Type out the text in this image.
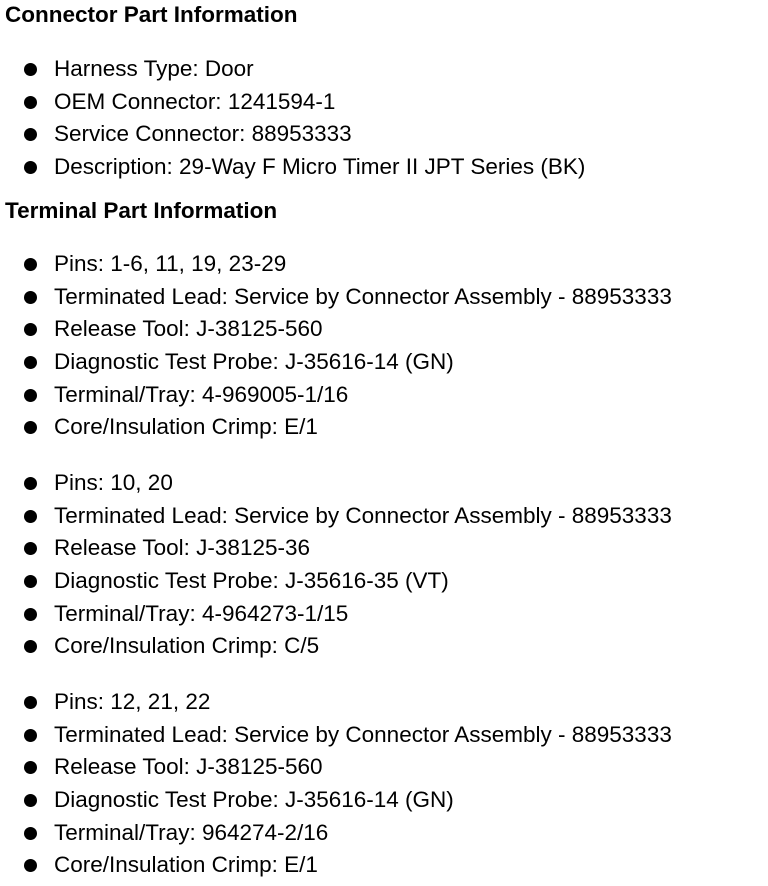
Connector Part Information
Harness Type: Door
OEM Connector: 1241594-1
Service Connector: 88953333
Description: 29-Way F Micro Timer II JPT Series (BK)
Terminal Part Information
Pins: 1-6, 11, 19, 23-29
Terminated Lead: Service by Connector Assembly - 88953333
Release Tool: J-38125-560
Diagnostic Test Probe: J-35616-14 (GN)
Terminal/Tray: 4-969005-1/16
Core/Insulation Crimp: E/1
Pins: 10, 20
Terminated Lead: Service by Connector Assembly - 88953333
Release Tool: J-38125-36
Diagnostic Test Probe: J-35616-35 (VT)
Terminal/Tray: 4-964273-1/15
Core/Insulation Crimp: C/5
Pins: 12, 21, 22
Terminated Lead: Service by Connector Assembly - 88953333
Release Tool: J-38125-560
Diagnostic Test Probe: J-35616-14 (GN)
Terminal/Tray: 964274-2/16
Core/Insulation Crimp: E/1
